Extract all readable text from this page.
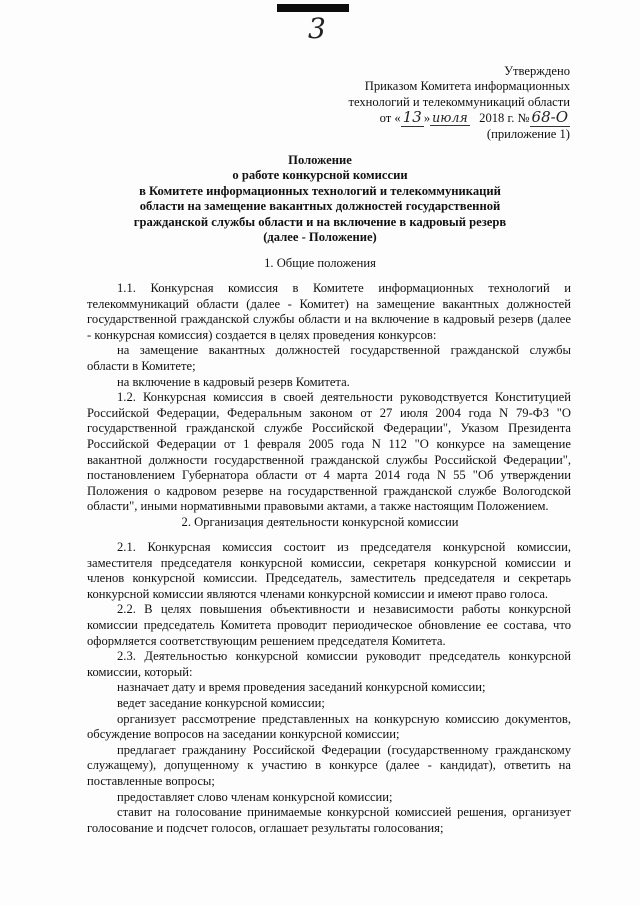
3
Утверждено
Приказом Комитета информационных
технологий и телекоммуникаций области
от « 13 » июля 2018 г. № 68-О
(приложение 1)
Положение
о работе конкурсной комиссии
в Комитете информационных технологий и телекоммуникаций
области на замещение вакантных должностей государственной
гражданской службы области и на включение в кадровый резерв
(далее - Положение)
1. Общие положения

1.1. Конкурсная комиссия в Комитете информационных технологий и телекоммуникаций области (далее - Комитет) на замещение вакантных должностей государственной гражданской службы области и на включение в кадровый резерв (далее - конкурсная комиссия) создается в целях проведения конкурсов:

на замещение вакантных должностей государственной гражданской службы области в Комитете;

на включение в кадровый резерв Комитета.

1.2. Конкурсная комиссия в своей деятельности руководствуется Конституцией Российской Федерации, Федеральным законом от 27 июля 2004 года N 79-ФЗ "О государственной гражданской службе Российской Федерации", Указом Президента Российской Федерации от 1 февраля 2005 года N 112 "О конкурсе на замещение вакантной должности государственной гражданской службы Российской Федерации", постановлением Губернатора области от 4 марта 2014 года N 55 "Об утверждении Положения о кадровом резерве на государственной гражданской службе Вологодской области", иными нормативными правовыми актами, а также настоящим Положением.

2. Организация деятельности конкурсной комиссии

2.1. Конкурсная комиссия состоит из председателя конкурсной комиссии, заместителя председателя конкурсной комиссии, секретаря конкурсной комиссии и членов конкурсной комиссии. Председатель, заместитель председателя и секретарь конкурсной комиссии являются членами конкурсной комиссии и имеют право голоса.

2.2. В целях повышения объективности и независимости работы конкурсной комиссии председатель Комитета проводит периодическое обновление ее состава, что оформляется соответствующим решением председателя Комитета.

2.3. Деятельностью конкурсной комиссии руководит председатель конкурсной комиссии, который:

назначает дату и время проведения заседаний конкурсной комиссии;

ведет заседание конкурсной комиссии;

организует рассмотрение представленных на конкурсную комиссию документов, обсуждение вопросов на заседании конкурсной комиссии;

предлагает гражданину Российской Федерации (государственному гражданскому служащему), допущенному к участию в конкурсе (далее - кандидат), ответить на поставленные вопросы;

предоставляет слово членам конкурсной комиссии;

ставит на голосование принимаемые конкурсной комиссией решения, организует голосование и подсчет голосов, оглашает результаты голосования;
